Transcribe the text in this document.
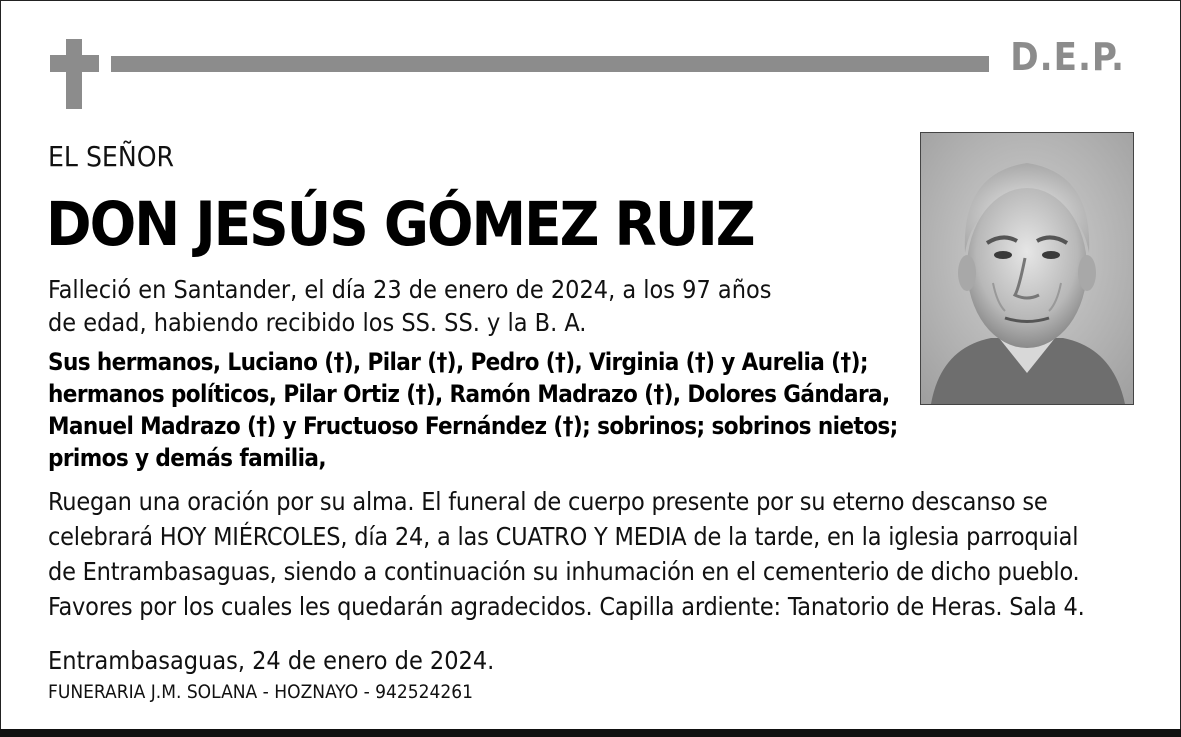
D.E.P.
EL SEÑOR
DON JESÚS GÓMEZ RUIZ

Falleció en Santander, el día 23 de enero de 2024, a los 97 años
de edad, habiendo recibido los SS. SS. y la B. A.

Sus hermanos, Luciano (†), Pilar (†), Pedro (†), Virginia (†) y Aurelia (†);
hermanos políticos, Pilar Ortiz (†), Ramón Madrazo (†), Dolores Gándara,
Manuel Madrazo (†) y Fructuoso Fernández (†); sobrinos; sobrinos nietos;
primos y demás familia,

Ruegan una oración por su alma. El funeral de cuerpo presente por su eterno descanso se
celebrará HOY MIÉRCOLES, día 24, a las CUATRO Y MEDIA de la tarde, en la iglesia parroquial
de Entrambasaguas, siendo a continuación su inhumación en el cementerio de dicho pueblo.
Favores por los cuales les quedarán agradecidos. Capilla ardiente: Tanatorio de Heras. Sala 4.

Entrambasaguas, 24 de enero de 2024.

FUNERARIA J.M. SOLANA - HOZNAYO - 942524261
